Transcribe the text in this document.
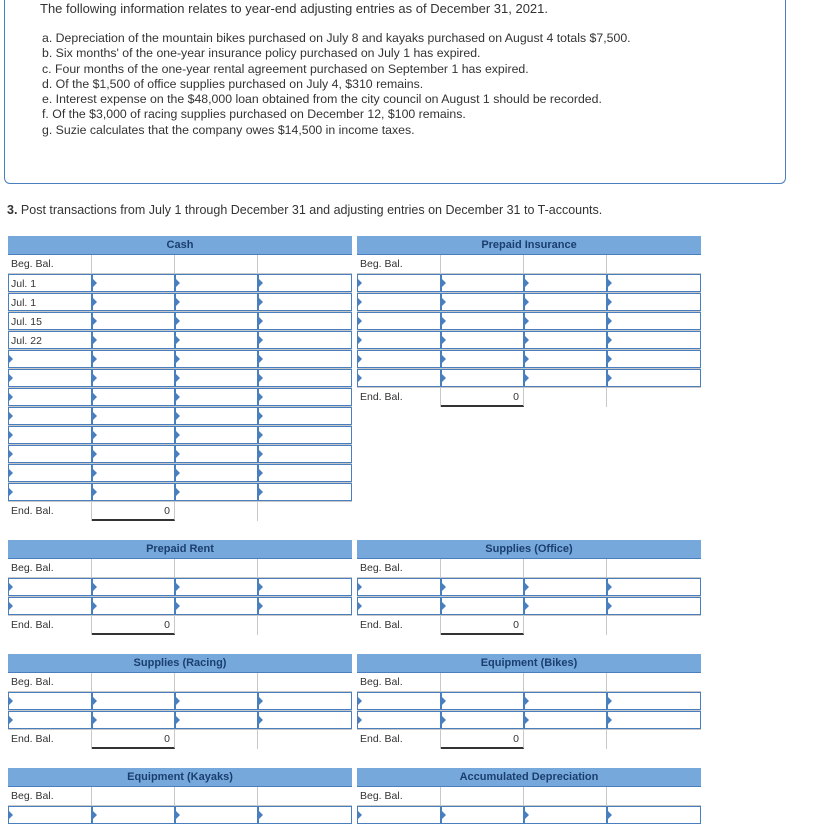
The following information relates to year-end adjusting entries as of December 31, 2021.
a. Depreciation of the mountain bikes purchased on July 8 and kayaks purchased on August 4 totals $7,500.
b. Six months' of the one-year insurance policy purchased on July 1 has expired.
c. Four months of the one-year rental agreement purchased on September 1 has expired.
d. Of the $1,500 of office supplies purchased on July 4, $310 remains.
e. Interest expense on the $48,000 loan obtained from the city council on August 1 should be recorded.
f. Of the $3,000 of racing supplies purchased on December 12, $100 remains.
g. Suzie calculates that the company owes $14,500 in income taxes.
3. Post transactions from July 1 through December 31 and adjusting entries on December 31 to T-accounts.
Cash
Beg. Bal.
Jul. 1
Jul. 1
Jul. 15
Jul. 22
End. Bal.	0
Prepaid Insurance
Beg. Bal.
End. Bal.	0
Prepaid Rent
Beg. Bal.
End. Bal.	0
Supplies (Office)
Beg. Bal.
End. Bal.	0
Supplies (Racing)
Beg. Bal.
End. Bal.	0
Equipment (Bikes)
Beg. Bal.
End. Bal.	0
Equipment (Kayaks)
Beg. Bal.
Accumulated Depreciation
Beg. Bal.
